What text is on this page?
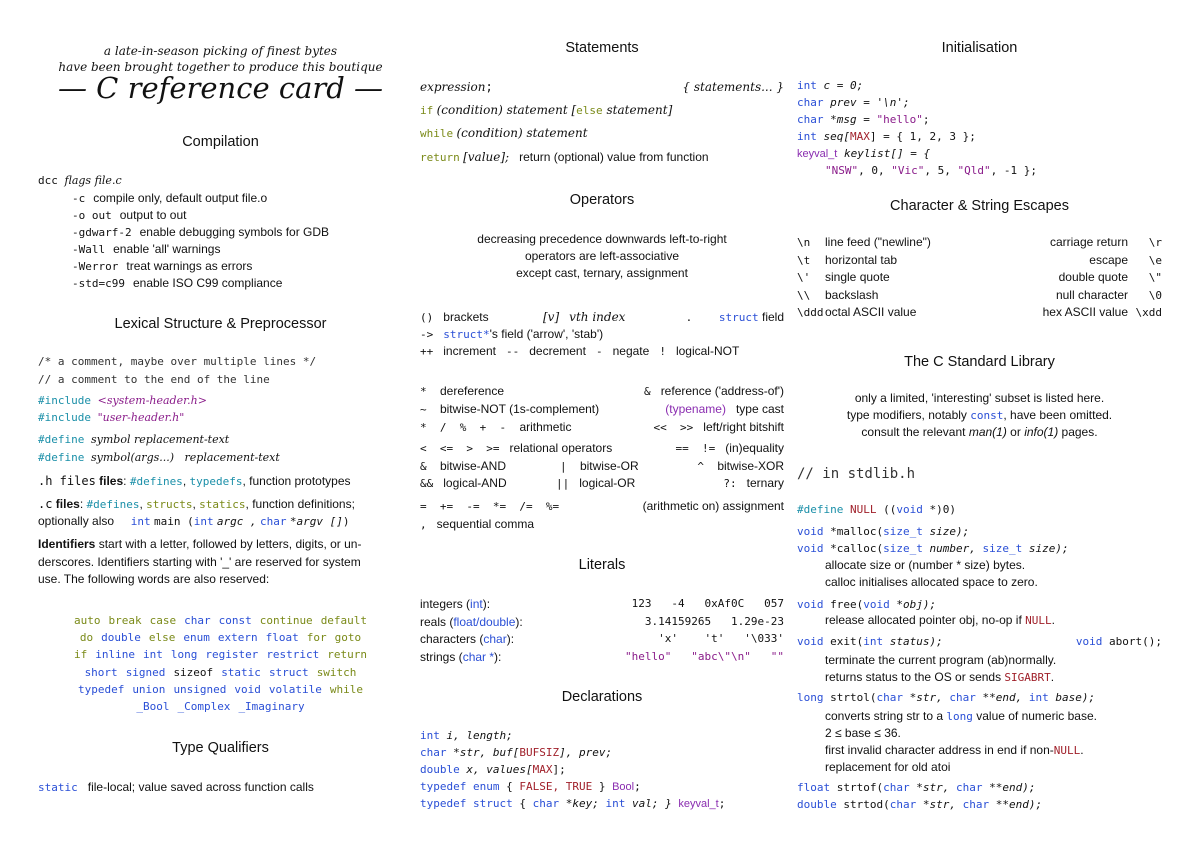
a late-in-season picking of finest bytes
have been brought together to produce this boutique
— C reference card —
Compilation
dcc flags file.c
-c compile only, default output file.o
-o out output to out
-gdwarf-2 enable debugging symbols for GDB
-Wall enable 'all' warnings
-Werror treat warnings as errors
-std=c99 enable ISO C99 compliance
Lexical Structure & Preprocessor
/* a comment, maybe over multiple lines */
// a comment to the end of the line
#include <system-header.h>
#include "user-header.h"
#define symbol replacement-text
#define symbol(args...)   replacement-text
.h files files: #defines, typedefs, function prototypes
.c files: #defines, structs, statics, function definitions;
optionally also int main (int argc , char *argv [])
Identifiers start with a letter, followed by letters, digits, or un-
derscores. Identifiers starting with '_' are reserved for system
use. The following words are also reserved:
auto break case char const continue default
do double else enum extern float for goto
if inline int long register restrict return
short signed sizeof static struct switch
typedef union unsigned void volatile while
_Bool _Complex _Imaginary
Type Qualifiers
static file-local; value saved across function calls
Statements
expression;	{ statements... }
if (condition) statement [else statement]
while (condition) statement
return [value]; return (optional) value from function
Operators
decreasing precedence downwards left-to-right
operators are left-associative
except cast, ternary, assignment
() brackets	[v] vth index	. struct field
-> struct*'s field ('arrow', 'stab')
++ increment -- decrement - negate ! logical-NOT
* dereference	& reference ('address-of')
~ bitwise-NOT (1s-complement)	(typename) type cast
*  /  %  +  - arithmetic	<<  >> left/right bitshift
<  <=  >  >= relational operators	==  != (in)equality
& bitwise-AND	| bitwise-OR	^ bitwise-XOR
&& logical-AND	|| logical-OR	?: ternary
=  +=  -=  *=  /=  %=	(arithmetic on) assignment
, sequential comma
Literals
integers (int):	123   -4   0xAf0C   057
reals (float/double):	3.14159265   1.29e-23
characters (char):	'x'    't'   '\033'
strings (char *):	"hello"   "abc\"\n"   ""
Declarations
int i, length;
char *str, buf[BUFSIZ], prev;
double x, values[MAX];
typedef enum { FALSE, TRUE } Bool;
typedef struct { char *key; int val; } keyval_t;
Initialisation
int c = 0;
char prev = '\n';
char *msg = "hello";
int seq[MAX] = { 1, 2, 3 };
keyval_t keylist[] = {
"NSW", 0, "Vic", 5, "Qld", -1 };
Character & String Escapes
\n line feed ("newline")	carriage return \r
\t horizontal tab	escape \e
\' single quote	double quote \"
\\ backslash	null character \0
\ddd octal ASCII value	hex ASCII value \xdd
The C Standard Library
only a limited, 'interesting' subset is listed here.
type modifiers, notably const, have been omitted.
consult the relevant man(1) or info(1) pages.
// in stdlib.h
#define NULL ((void *)0)
void *malloc(size_t size);
void *calloc(size_t number, size_t size);
allocate size or (number * size) bytes.
calloc initialises allocated space to zero.
void free(void *obj);
release allocated pointer obj, no-op if NULL.
void exit(int status);	void abort();
terminate the current program (ab)normally.
returns status to the OS or sends SIGABRT.
long strtol(char *str, char **end, int base);
converts string str to a long value of numeric base.
2 ≤ base ≤ 36.
first invalid character address in end if non-NULL.
replacement for old atoi
float strtof(char *str, char **end);
double strtod(char *str, char **end);
